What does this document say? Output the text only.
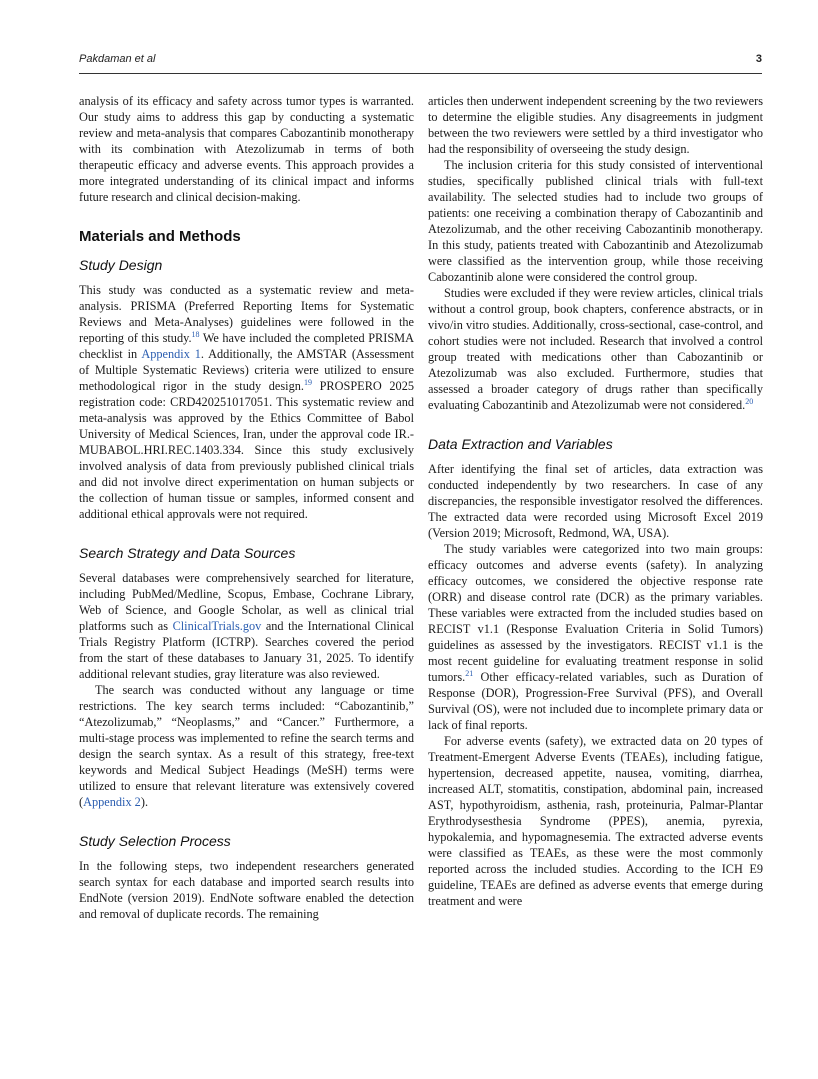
Pakdaman et al	3

analysis of its efficacy and safety across tumor types is warranted. Our study aims to address this gap by conducting a systematic review and meta-analysis that compares Cabozantinib monotherapy with its combination with Atezolizumab in terms of both therapeutic efficacy and adverse events. This approach provides a more integrated understanding of its clinical impact and informs future research and clinical decision-making.

Materials and Methods
Study Design

This study was conducted as a systematic review and meta-analysis. PRISMA (Preferred Reporting Items for Systematic Reviews and Meta-Analyses) guidelines were followed in the reporting of this study.$^{18}$ We have included the completed PRISMA checklist in Appendix 1. Additionally, the AMSTAR (Assessment of Multiple Systematic Reviews) criteria were utilized to ensure methodological rigor in the study design.$^{19}$ PROSPERO 2025 registration code: CRD420251017051. This systematic review and meta-analysis was approved by the Ethics Committee of Babol University of Medical Sciences, Iran, under the approval code IR.-MUBABOL.HRI.REC.1403.334. Since this study exclusively involved analysis of data from previously published clinical trials and did not involve direct experimentation on human subjects or the collection of human tissue or samples, informed consent and additional ethical approvals were not required.

Search Strategy and Data Sources

Several databases were comprehensively searched for literature, including PubMed/Medline, Scopus, Embase, Cochrane Library, Web of Science, and Google Scholar, as well as clinical trial platforms such as ClinicalTrials.gov and the International Clinical Trials Registry Platform (ICTRP). Searches covered the period from the start of these databases to January 31, 2025. To identify additional relevant studies, gray literature was also reviewed.

The search was conducted without any language or time restrictions. The key search terms included: “Cabozantinib,” “Atezolizumab,” “Neoplasms,” and “Cancer.” Furthermore, a multi-stage process was implemented to refine the search terms and design the search syntax. As a result of this strategy, free-text keywords and Medical Subject Headings (MeSH) terms were utilized to ensure that relevant literature was extensively covered (Appendix 2).

Study Selection Process

In the following steps, two independent researchers generated search syntax for each database and imported search results into EndNote (version 2019). EndNote software enabled the detection and removal of duplicate records. The remaining

articles then underwent independent screening by the two reviewers to determine the eligible studies. Any disagreements in judgment between the two reviewers were settled by a third investigator who had the responsibility of overseeing the study design.

The inclusion criteria for this study consisted of interventional studies, specifically published clinical trials with full-text availability. The selected studies had to include two groups of patients: one receiving a combination therapy of Cabozantinib and Atezolizumab, and the other receiving Cabozantinib monotherapy. In this study, patients treated with Cabozantinib and Atezolizumab were classified as the intervention group, while those receiving Cabozantinib alone were considered the control group.

Studies were excluded if they were review articles, clinical trials without a control group, book chapters, conference abstracts, or in vivo/in vitro studies. Additionally, cross-sectional, case-control, and cohort studies were not included. Research that involved a control group treated with medications other than Cabozantinib or Atezolizumab was also excluded. Furthermore, studies that assessed a broader category of drugs rather than specifically evaluating Cabozantinib and Atezolizumab were not considered.$^{20}$

Data Extraction and Variables

After identifying the final set of articles, data extraction was conducted independently by two researchers. In case of any discrepancies, the responsible investigator resolved the differences. The extracted data were recorded using Microsoft Excel 2019 (Version 2019; Microsoft, Redmond, WA, USA).

The study variables were categorized into two main groups: efficacy outcomes and adverse events (safety). In analyzing efficacy outcomes, we considered the objective response rate (ORR) and disease control rate (DCR) as the primary variables. These variables were extracted from the included studies based on RECIST v1.1 (Response Evaluation Criteria in Solid Tumors) guidelines as assessed by the investigators. RECIST v1.1 is the most recent guideline for evaluating treatment response in solid tumors.$^{21}$ Other efficacy-related variables, such as Duration of Response (DOR), Progression-Free Survival (PFS), and Overall Survival (OS), were not included due to incomplete primary data or lack of final reports.

For adverse events (safety), we extracted data on 20 types of Treatment-Emergent Adverse Events (TEAEs), including fatigue, hypertension, decreased appetite, nausea, vomiting, diarrhea, increased ALT, stomatitis, constipation, abdominal pain, increased AST, hypothyroidism, asthenia, rash, proteinuria, Palmar-Plantar Erythrodysesthesia Syndrome (PPES), anemia, pyrexia, hypokalemia, and hypomagnesemia. The extracted adverse events were classified as TEAEs, as these were the most commonly reported across the included studies. According to the ICH E9 guideline, TEAEs are defined as adverse events that emerge during treatment and were
